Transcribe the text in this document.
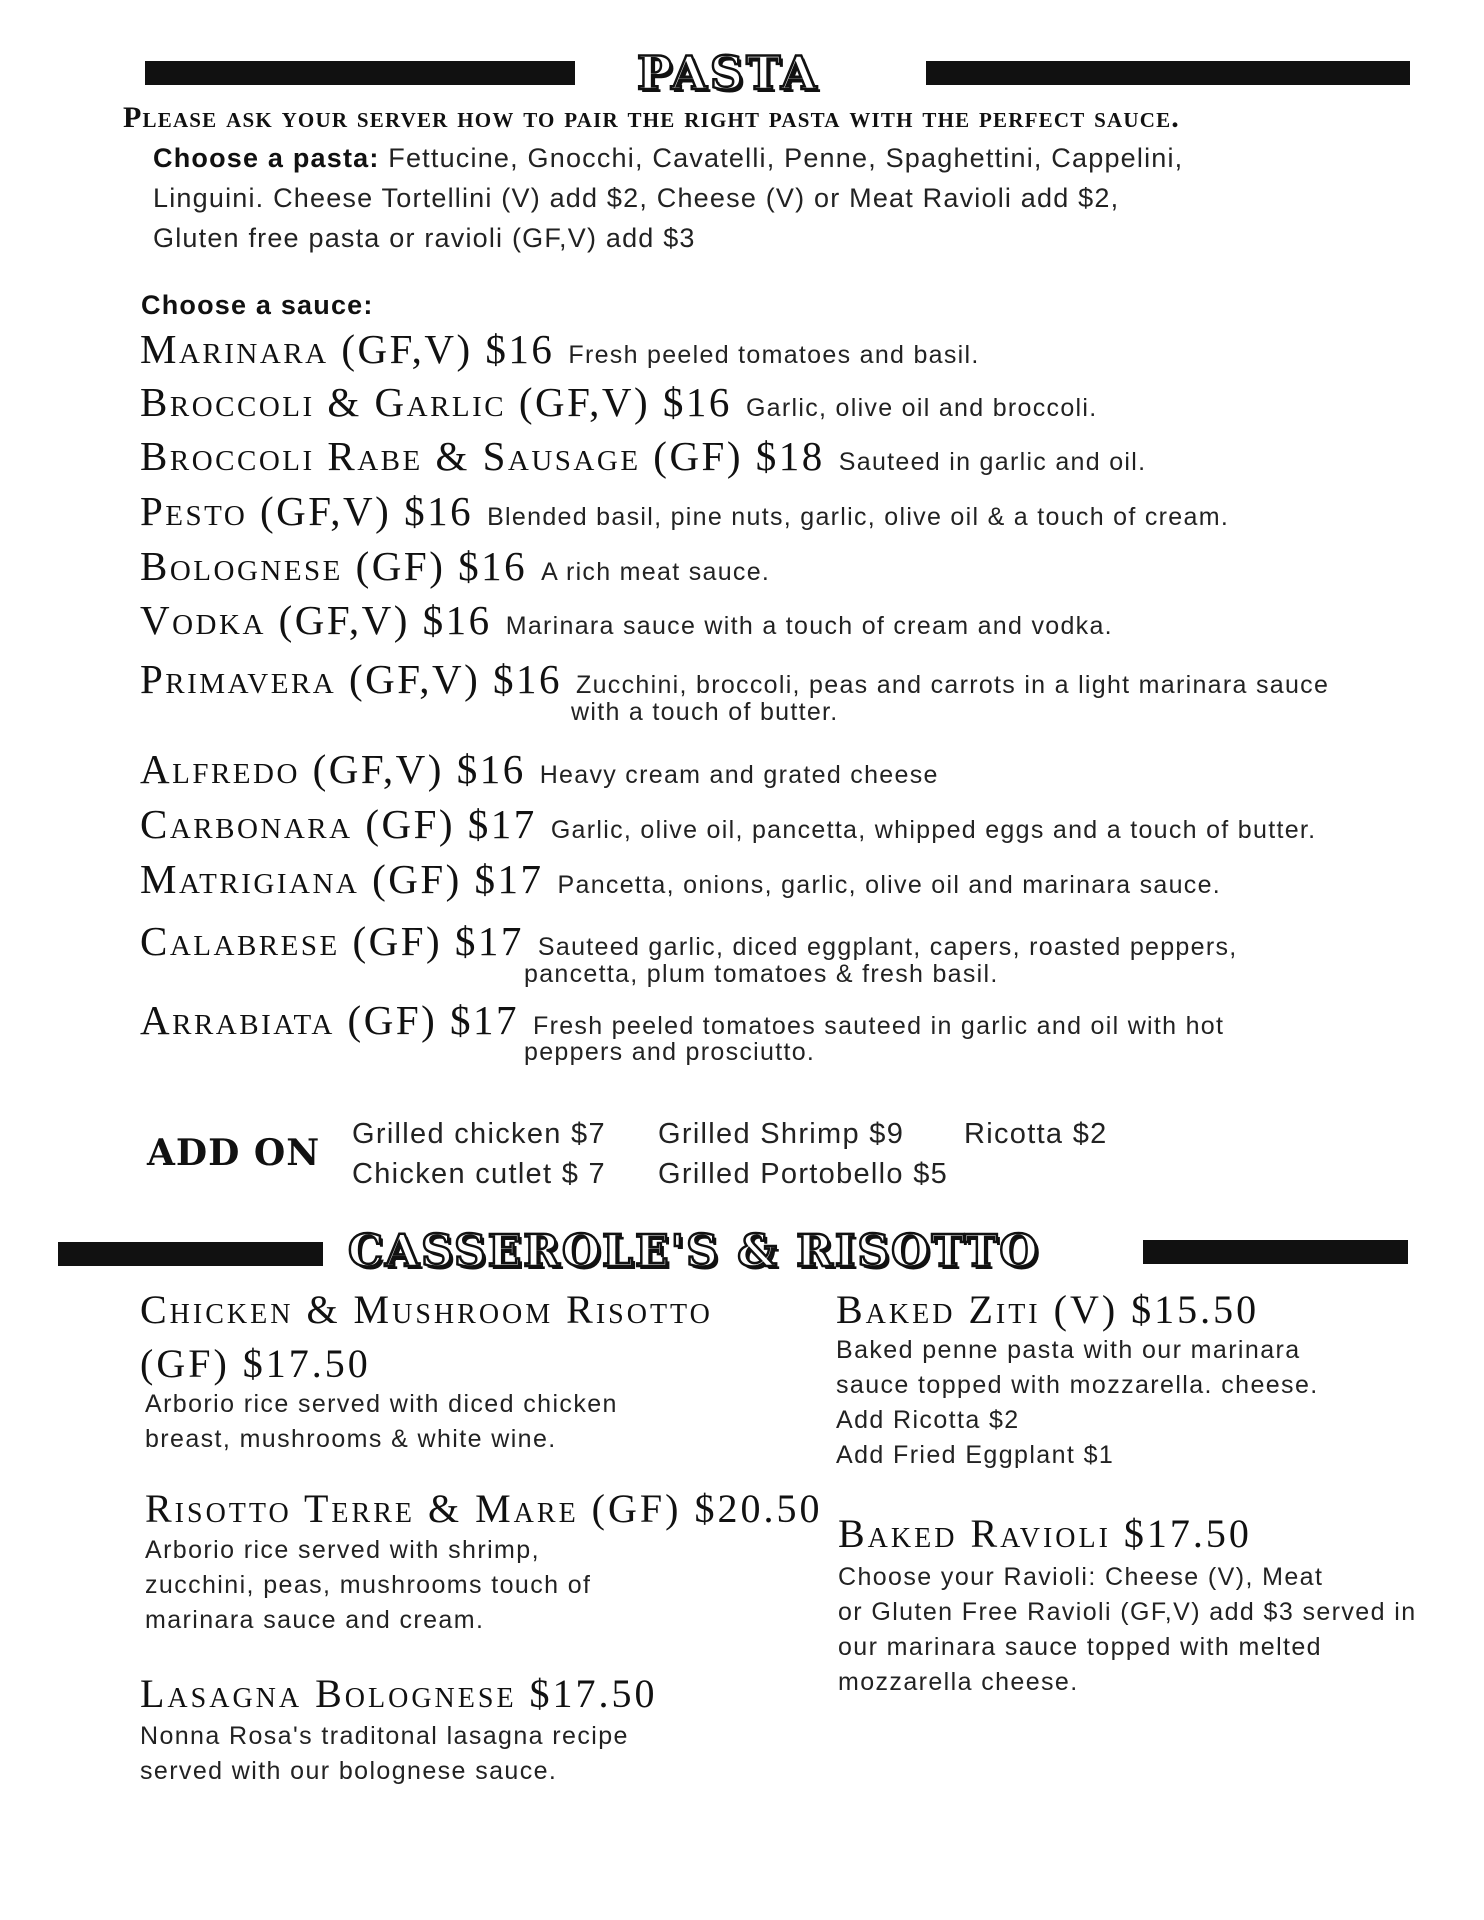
PASTA
Please ask your server how to pair the right pasta with the perfect sauce.
Choose a pasta: Fettucine, Gnocchi, Cavatelli, Penne, Spaghettini, Cappelini,
Linguini. Cheese Tortellini (V) add $2, Cheese (V) or Meat Ravioli add $2,
Gluten free pasta or ravioli (GF,V) add $3
Choose a sauce:
Marinara (GF,V) $16 Fresh peeled tomatoes and basil.
Broccoli & Garlic (GF,V) $16 Garlic, olive oil and broccoli.
Broccoli Rabe & Sausage (GF) $18 Sauteed in garlic and oil.
Pesto (GF,V) $16 Blended basil, pine nuts, garlic, olive oil & a touch of cream.
Bolognese (GF) $16 A rich meat sauce.
Vodka (GF,V) $16 Marinara sauce with a touch of cream and vodka.
Primavera (GF,V) $16 Zucchini, broccoli, peas and carrots in a light marinara sauce
with a touch of butter.
Alfredo (GF,V) $16 Heavy cream and grated cheese
Carbonara (GF) $17 Garlic, olive oil, pancetta, whipped eggs and a touch of butter.
Matrigiana (GF) $17 Pancetta, onions, garlic, olive oil and marinara sauce.
Calabrese (GF) $17 Sauteed garlic, diced eggplant, capers, roasted peppers,
pancetta, plum tomatoes & fresh basil.
Arrabiata (GF) $17 Fresh peeled tomatoes sauteed in garlic and oil with hot
peppers and prosciutto.
ADD ON Grilled chicken $7 Grilled Shrimp $9 Ricotta $2
Chicken cutlet $ 7 Grilled Portobello $5
CASSEROLE'S & RISOTTO
Chicken & Mushroom Risotto
(GF) $17.50
Arborio rice served with diced chicken
breast, mushrooms & white wine.
Risotto Terre & Mare (GF) $20.50
Arborio rice served with shrimp,
zucchini, peas, mushrooms touch of
marinara sauce and cream.
Lasagna Bolognese $17.50
Nonna Rosa's traditonal lasagna recipe
served with our bolognese sauce.
Baked Ziti (V) $15.50
Baked penne pasta with our marinara
sauce topped with mozzarella. cheese.
Add Ricotta $2
Add Fried Eggplant $1
Baked Ravioli $17.50
Choose your Ravioli: Cheese (V), Meat
or Gluten Free Ravioli (GF,V) add $3 served in
our marinara sauce topped with melted
mozzarella cheese.
